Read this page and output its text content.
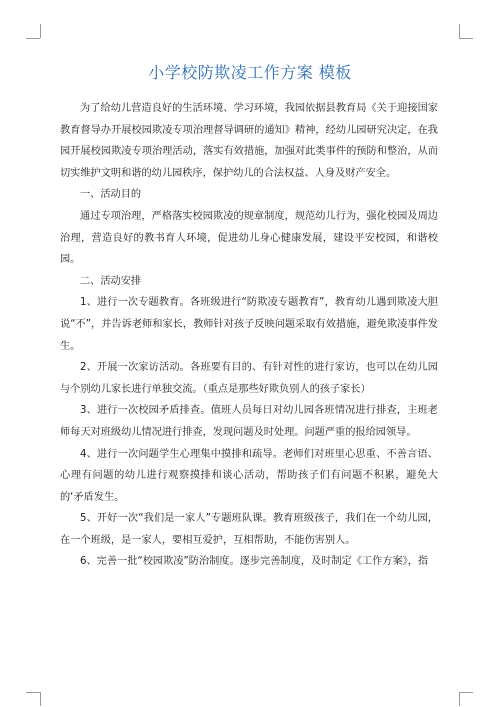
小学校防欺凌工作方案 模板

为了给幼儿营造良好的生活环境、学习环境，我园依据县教育局《关于迎接国家教育督导办开展校园欺凌专项治理督导调研的通知》精神，经幼儿园研究决定，在我园开展校园欺凌专项治理活动，落实有效措施，加强对此类事件的预防和整治，从而切实维护文明和谐的幼儿园秩序，保护幼儿的合法权益、人身及财产安全。

一、活动目的

通过专项治理，严格落实校园欺凌的规章制度，规范幼儿行为，强化校园及周边治理，营造良好的教书育人环境，促进幼儿身心健康发展，建设平安校园，和谐校园。

二、活动安排

1、进行一次专题教育。各班级进行“防欺凌专题教育”，教育幼儿遇到欺凌大胆说“不”，并告诉老师和家长，教师针对孩子反映问题采取有效措施，避免欺凌事件发生。

2、开展一次家访活动。各班要有目的、有针对性的进行家访，也可以在幼儿园与个别幼儿家长进行单独交流。（重点是那些好欺负别人的孩子家长）

3、进行一次校园矛盾排查。值班人员每日对幼儿园各班情况进行排查，主班老师每天对班级幼儿情况进行排查，发现问题及时处理。问题严重的报给园领导。

4、进行一次问题学生心理集中摸排和疏导。老师们对班里心思重、不善言语、心理有问题的幼儿进行观察摸排和谈心活动，帮助孩子们有问题不积累，避免大的‘矛盾发生。

5、开好一次“我们是一家人”专题班队课。教育班级孩子，我们在一个幼儿园，在一个班级，是一家人，要相互爱护，互相帮助，不能伤害别人。

6、完善一批“校园欺凌”防治制度。逐步完善制度，及时制定《工作方案》，指
